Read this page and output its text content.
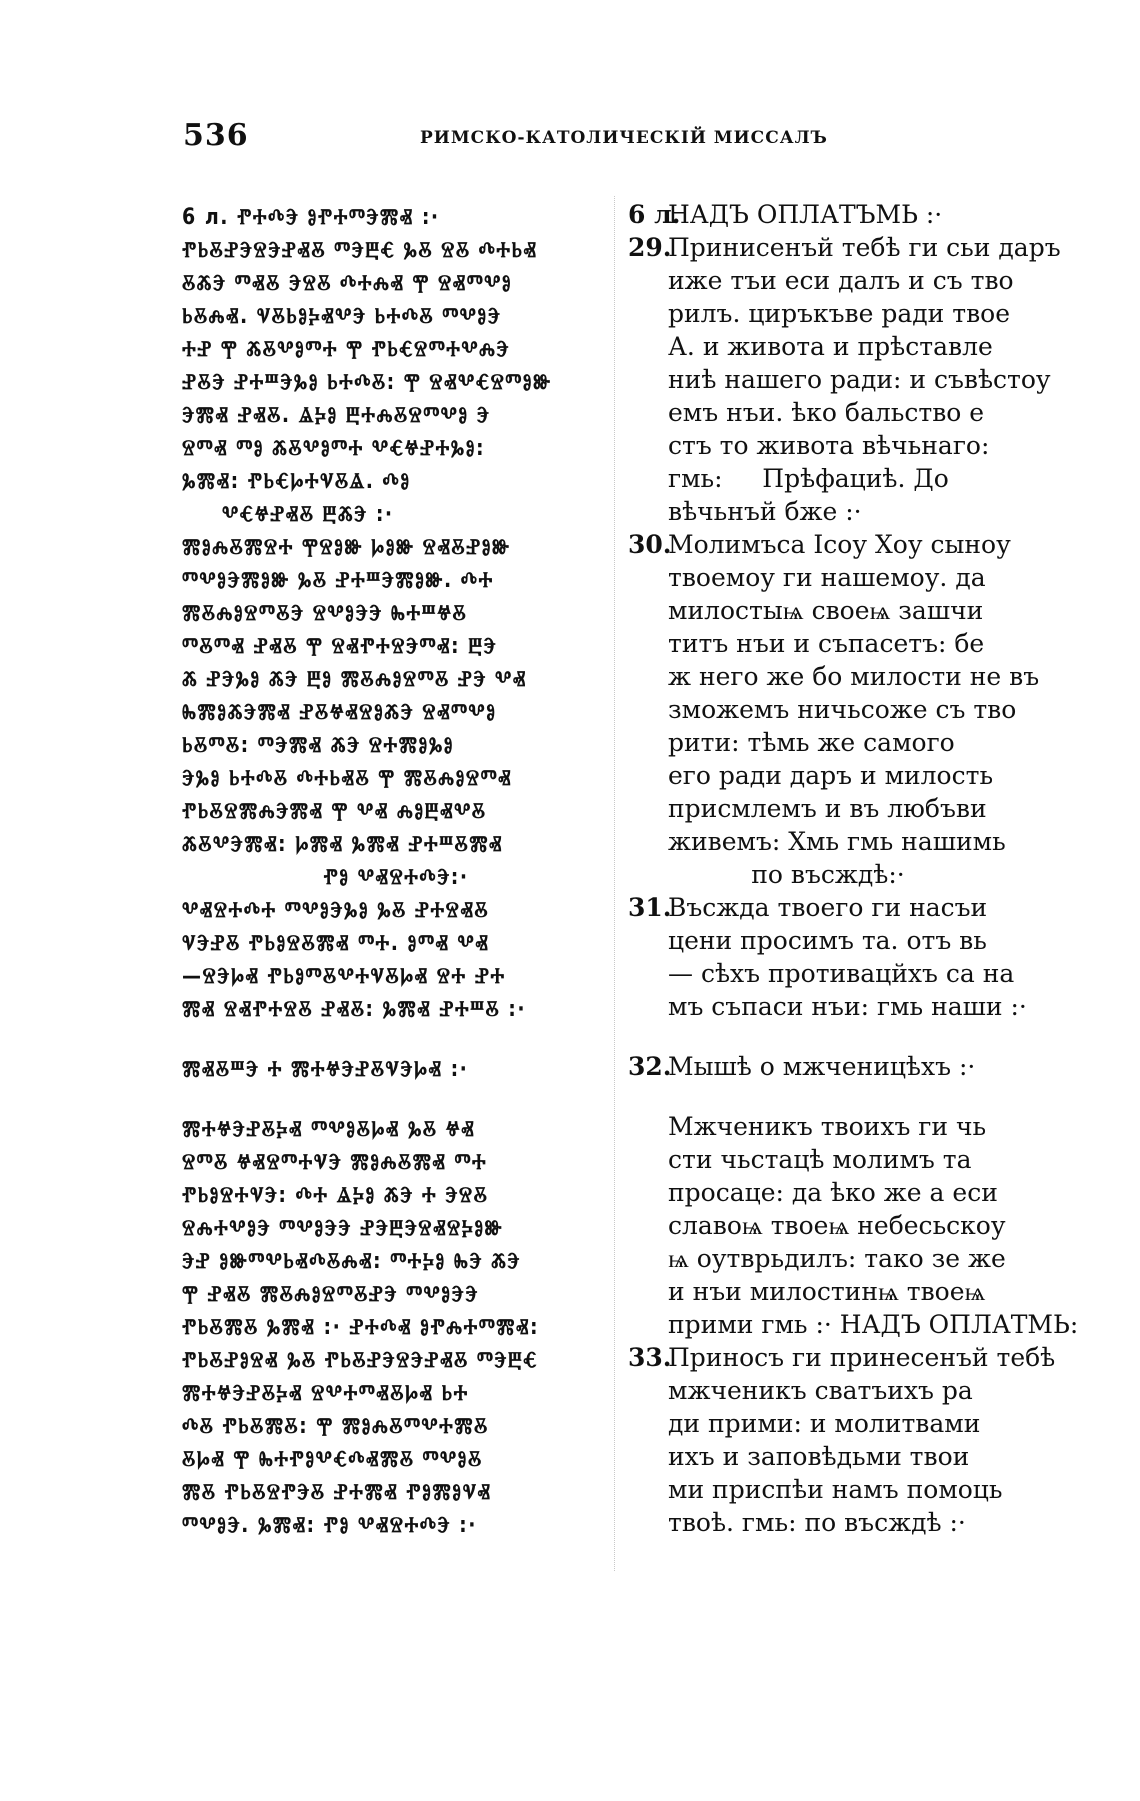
536	РИМСКО-КАТОЛИЧЕСКІЙ МИССАЛЪ
6 л. ⰒⰀⰄⰅ ⰑⰒⰀⰕⰅⰏⰟ :·
ⰒⰓⰋⰐⰅⰔⰅⰐⰟⰋ ⰕⰅⰁⰤ ⰃⰋ ⰔⰋ ⰄⰀⰓⰟ
ⰋⰆⰅ ⰕⰟⰋ ⰅⰔⰋ ⰄⰀⰎⰟ Ⰹ ⰔⰟⰕⰂⰑ
ⰓⰋⰎⰟ. ⰜⰋⰓⰑⰍⰟⰂⰅ ⰓⰀⰄⰋ ⰕⰂⰑⰅ
ⰀⰐ Ⰹ ⰆⰋⰂⰑⰕⰀ Ⰹ ⰒⰓⰤⰔⰕⰀⰂⰎⰅ
ⰐⰋⰅ ⰐⰀⰞⰅⰃⰑ ⰓⰀⰄⰋ: Ⰹ ⰔⰟⰂⰤⰔⰕⰑⰖ
ⰅⰏⰟ ⰐⰟⰋ. ⰡⰍⰑ ⰁⰀⰎⰋⰔⰕⰂⰑ Ⰵ
ⰔⰕⰟ ⰕⰑ ⰆⰋⰂⰑⰕⰀ ⰂⰤⰝⰐⰀⰃⰑ:
ⰃⰏⰟ: ⰒⰓⰤⰘⰀⰜⰋⰡ. ⰄⰑ
ⰂⰤⰝⰐⰟⰋ ⰁⰆⰅ :·
ⰏⰑⰎⰋⰏⰔⰀ ⰉⰔⰑⰖ ⰘⰑⰖ ⰔⰟⰋⰐⰑⰖ
ⰕⰂⰑⰅⰏⰑⰖ ⰃⰋ ⰐⰀⰞⰅⰏⰑⰖ. ⰄⰀ
ⰏⰋⰎⰑⰔⰕⰋⰅ ⰔⰂⰑⰅⰅ ⰈⰀⰞⰝⰋ
ⰕⰋⰕⰟ ⰐⰟⰋ Ⰹ ⰔⰟⰒⰀⰔⰅⰕⰟ: ⰁⰅ
Ⰶ ⰐⰅⰃⰑ ⰆⰅ ⰁⰑ ⰏⰋⰎⰑⰔⰕⰋ ⰐⰅ ⰂⰟ
ⰈⰏⰑⰆⰅⰏⰟ ⰐⰋⰝⰟⰔⰑⰆⰅ ⰔⰟⰕⰂⰑ
ⰓⰋⰕⰋ: ⰕⰅⰏⰟ ⰆⰅ ⰔⰀⰏⰑⰃⰑ
ⰅⰃⰑ ⰓⰀⰄⰋ ⰄⰀⰓⰟⰋ Ⰹ ⰏⰋⰎⰑⰔⰕⰟ
ⰒⰓⰋⰔⰏⰎⰅⰏⰟ Ⰹ ⰂⰟ ⰎⰑⰁⰟⰂⰋ
ⰆⰋⰂⰅⰏⰟ: ⰘⰏⰟ ⰃⰏⰟ ⰐⰀⰞⰋⰏⰟ
ⰒⰑ ⰂⰟⰔⰀⰄⰅ:·
ⰂⰟⰔⰀⰄⰀ ⰕⰂⰑⰅⰃⰑ ⰃⰋ ⰐⰀⰔⰟⰋ
ⰜⰅⰐⰋ ⰒⰓⰑⰔⰋⰏⰟ ⰕⰀ. ⰑⰕⰟ ⰂⰟ
—ⰔⰅⰘⰟ ⰒⰓⰑⰕⰋⰂⰀⰜⰋⰘⰟ ⰔⰀ ⰐⰀ
ⰏⰟ ⰔⰟⰒⰀⰔⰋ ⰐⰟⰋ: ⰃⰏⰟ ⰐⰀⰞⰋ :·
ⰏⰟⰋⰞⰅ Ⰰ ⰏⰀⰝⰅⰐⰋⰜⰅⰘⰟ :·
ⰏⰀⰝⰅⰐⰋⰍⰟ ⰕⰂⰑⰋⰘⰟ ⰃⰋ ⰝⰟ
ⰔⰕⰋ ⰝⰟⰔⰕⰀⰜⰅ ⰏⰑⰎⰋⰏⰟ ⰕⰀ
ⰒⰓⰑⰔⰀⰜⰅ: ⰄⰀ ⰡⰍⰑ ⰆⰅ Ⰰ ⰅⰔⰋ
ⰔⰎⰀⰂⰑⰅ ⰕⰂⰑⰅⰅ ⰐⰅⰁⰅⰔⰟⰔⰍⰑⰖ
ⰅⰐ ⰑⰖⰕⰂⰓⰟⰄⰋⰎⰟ: ⰕⰀⰍⰑ ⰈⰅ ⰆⰅ
Ⰹ ⰐⰟⰋ ⰏⰋⰎⰑⰔⰕⰋⰐⰅ ⰕⰂⰑⰅⰅ
ⰒⰓⰋⰏⰋ ⰃⰏⰟ :· ⰐⰀⰄⰟ ⰑⰒⰎⰀⰕⰏⰟ:
ⰒⰓⰋⰐⰑⰔⰟ ⰃⰋ ⰒⰓⰋⰐⰅⰔⰅⰐⰟⰋ ⰕⰅⰁⰤ
ⰏⰀⰝⰅⰐⰋⰍⰟ ⰔⰂⰀⰕⰟⰋⰘⰟ ⰓⰀ
ⰄⰋ ⰒⰓⰋⰏⰋ: Ⰹ ⰏⰑⰎⰋⰕⰂⰀⰏⰋ
ⰋⰘⰟ Ⰹ ⰈⰀⰒⰑⰂⰤⰄⰟⰏⰋ ⰕⰂⰑⰋ
ⰏⰋ ⰒⰓⰋⰔⰒⰅⰋ ⰐⰀⰏⰟ ⰒⰑⰏⰑⰜⰟ
ⰕⰂⰑⰅ. ⰃⰏⰟ: ⰒⰑ ⰂⰟⰔⰀⰄⰅ :·
6 л.НАДЪ ОПЛАТЪМЬ :·
29.Принисенъй тебѣ ги сьи даръ
иже тъи еси далъ и съ тво
рилъ. циръкъве ради твое
А. и живота и прѣставле
ниѣ нашего ради: и съвѣстоу
емъ нъи. ѣко бальство е
стъ то живота вѣчьнаго:
гмь:     Прѣфациѣ. До
вѣчьнъй бже :·
30.Молимъса Ісоу Хоу сыноу
твоемоу ги нашемоу. да
милостыѩ своеѩ зашчи
титъ нъи и съпасетъ: бе
ж него же бо милости не въ
зможемъ ничьсоже съ тво
рити: тѣмь же самого
его ради даръ и милость
присмлемъ и въ любъви
живемъ: Хмь гмь нашимь
по въсждѣ:·
31.Въсжда твоего ги насъи
цени просимъ та. отъ вь
— сѣхъ противацйхъ са на
мъ съпаси нъи: гмь наши :·
32.Мышѣ о мжченицѣхъ :·
Мжченикъ твоихъ ги чь
сти чьстацѣ молимъ та
просаце: да ѣко же а еси
славоѩ твоеѩ небесьскоу
ѩ оутврьдилъ: тако зе же
и нъи милостинѩ твоеѩ
прими гмь :· НАДЪ ОПЛАТМЬ:
33.Приносъ ги принесенъй тебѣ
мжченикъ сватъихъ ра
ди прими: и молитвами
ихъ и заповѣдьми твои
ми приспѣи намъ помоць
твоѣ. гмь: по въсждѣ :·
